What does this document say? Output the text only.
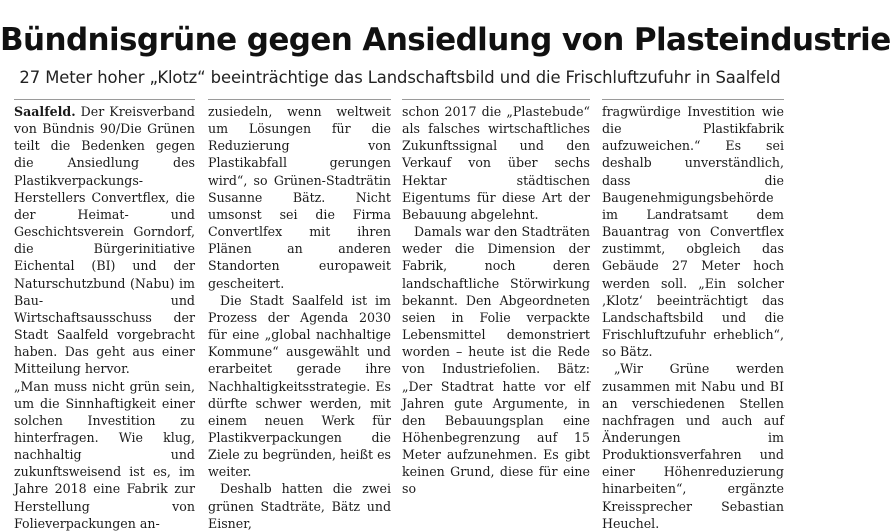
Bündnisgrüne gegen Ansiedlung von Plasteindustrie
27 Meter hoher „Klotz“ beeinträchtige das Landschaftsbild und die Frischluftzufuhr in Saalfeld

Saalfeld. Der Kreisverband von Bündnis 90/Die Grünen teilt die Bedenken gegen die Ansiedlung des Plastikverpackungs-Herstellers Convertflex, die der Heimat- und Geschichtsverein Gorndorf, die Bürgerinitiative Eichental (BI) und der Naturschutzbund (Nabu) im Bau- und Wirtschaftsausschuss der Stadt Saalfeld vorgebracht haben. Das geht aus einer Mitteilung hervor.

„Man muss nicht grün sein, um die Sinnhaftigkeit einer solchen Investition zu hinterfragen. Wie klug, nachhaltig und zukunftsweisend ist es, im Jahre 2018 eine Fabrik zur Herstellung von Folieverpackungen an-

zusiedeln, wenn weltweit um Lösungen für die Reduzierung von Plastikabfall gerungen wird“, so Grünen-Stadträtin Susanne Bätz. Nicht umsonst sei die Firma Convertlfex mit ihren Plänen an anderen Standorten europaweit gescheitert.

Die Stadt Saalfeld ist im Prozess der Agenda 2030 für eine „global nachhaltige Kommune“ ausgewählt und erarbeitet gerade ihre Nachhaltigkeitsstrategie. Es dürfte schwer werden, mit einem neuen Werk für Plastikverpackungen die Ziele zu begründen, heißt es weiter.

Deshalb hatten die zwei grünen Stadträte, Bätz und Eisner,

schon 2017 die „Plastebude“ als falsches wirtschaftliches Zukunftssignal und den Verkauf von über sechs Hektar städtischen Eigentums für diese Art der Bebauung abgelehnt.

Damals war den Stadträten weder die Dimension der Fabrik, noch deren landschaftliche Störwirkung bekannt. Den Abgeordneten seien in Folie verpackte Lebensmittel demonstriert worden – heute ist die Rede von Industriefolien. Bätz: „Der Stadtrat hatte vor elf Jahren gute Argumente, in den Bebauungsplan eine Höhenbegrenzung auf 15 Meter aufzunehmen. Es gibt keinen Grund, diese für eine so

fragwürdige Investition wie die Plastikfabrik aufzuweichen.“ Es sei deshalb unverständlich, dass die Baugenehmigungsbehörde im Landratsamt dem Bauantrag von Convertflex zustimmt, obgleich das Gebäude 27 Meter hoch werden soll. „Ein solcher ‚Klotz‘ beeinträchtigt das Landschaftsbild und die Frischluftzufuhr erheblich“, so Bätz.

„Wir Grüne werden zusammen mit Nabu und BI an verschiedenen Stellen nachfragen und auch auf Änderungen im Produktionsverfahren und einer Höhenreduzierung hinarbeiten“, ergänzte Kreissprecher Sebastian Heuchel.
